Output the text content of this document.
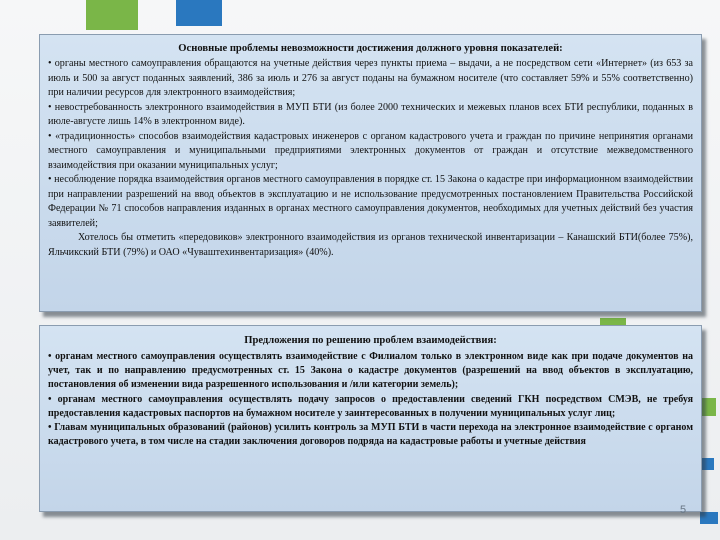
Основные проблемы невозможности достижения должного уровня показателей:

• органы местного самоуправления обращаются на учетные действия через пункты приема – выдачи, а не посредством сети «Интернет» (из 653 за июль и 500 за август поданных заявлений, 386 за июль и 276 за август поданы на бумажном носителе (что составляет 59% и 55% соответственно) при наличии ресурсов для электронного взаимодействия;

• невостребованность электронного взаимодействия в МУП БТИ (из более 2000 технических и межевых планов всех БТИ республики, поданных в июле-августе лишь 14% в электронном виде).

• «традиционность» способов взаимодействия кадастровых инженеров с органом кадастрового учета и граждан по причине непринятия органами местного самоуправления и муниципальными предприятиями электронных документов от граждан и отсутствие межведомственного взаимодействия при оказании муниципальных услуг;

• несоблюдение порядка взаимодействия органов местного самоуправления в порядке ст. 15 Закона о кадастре при информационном взаимодействии при направлении разрешений на ввод объектов в эксплуатацию и не использование предусмотренных постановлением Правительства Российской Федерации № 71 способов направления изданных в органах местного самоуправления документов, необходимых для учетных действий без участия заявителей;

Хотелось бы отметить «передовиков» электронного взаимодействия из органов технической инвентаризации – Канашский БТИ(более 75%), Яльчикский БТИ (79%) и ОАО «Чуваштехинвентаризация» (40%).

Предложения по решению проблем взаимодействия:

• органам местного самоуправления осуществлять взаимодействие с Филиалом только в электронном виде как при подаче документов на учет, так и по направлению предусмотренных ст. 15 Закона о кадастре документов (разрешений на ввод объектов в эксплуатацию, постановления об изменении вида разрешенного использования и /или категории земель);

• органам местного самоуправления осуществлять подачу запросов о предоставлении сведений ГКН посредством СМЭВ, не требуя предоставления кадастровых паспортов на бумажном носителе у заинтересованных в получении муниципальных услуг лиц;

• Главам муниципальных образований (районов) усилить контроль за МУП БТИ в части перехода на электронное взаимодействие с органом кадастрового учета, в том числе на стадии заключения договоров подряда на кадастровые работы и учетные действия

5
